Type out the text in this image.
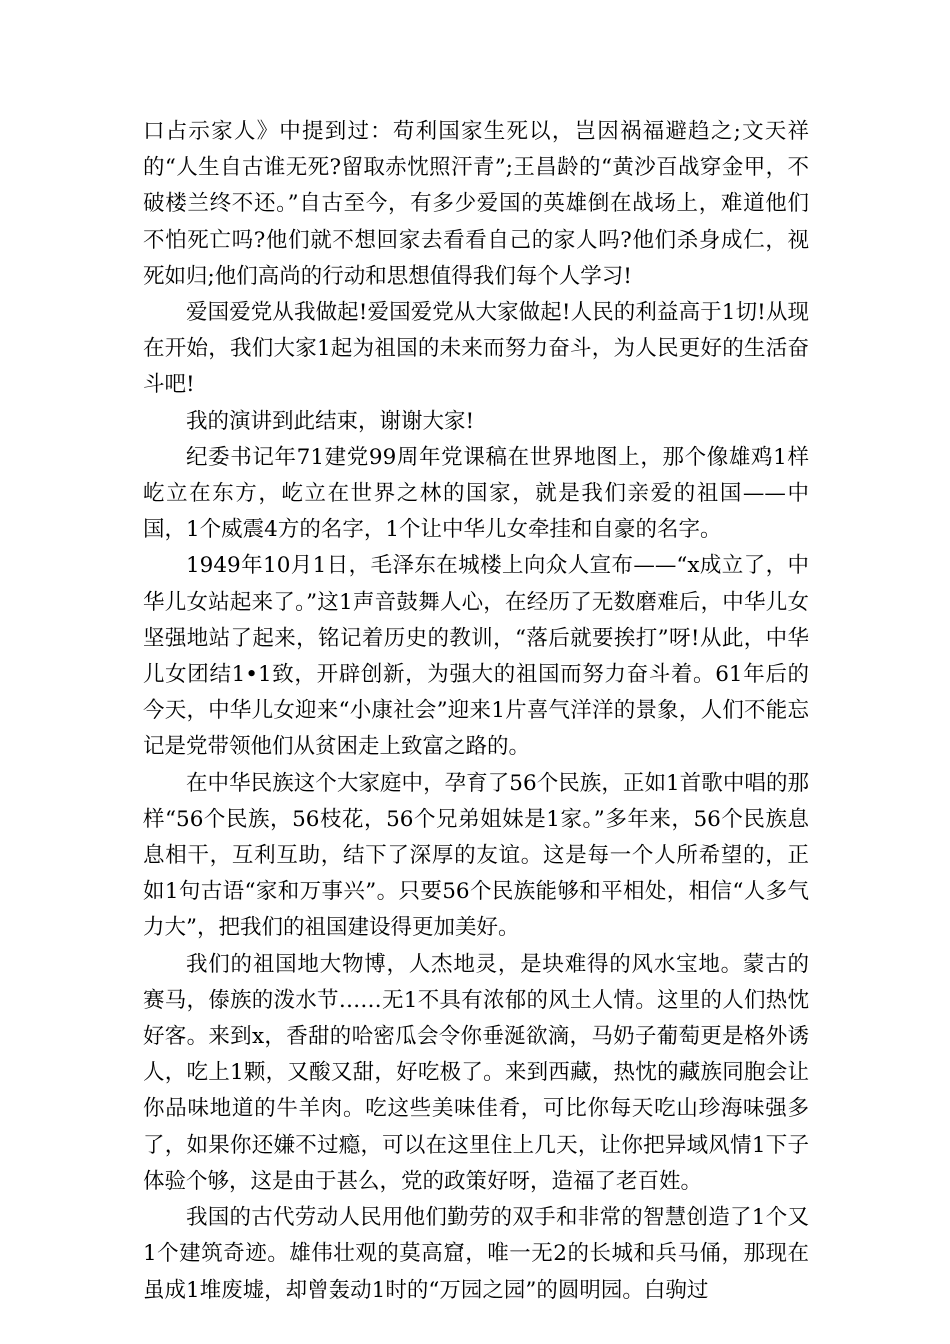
口占示家人》中提到过：苟利国家生死以，岂因祸福避趋之;文天祥的“人生自古谁无死?留取赤忱照汗青”;王昌龄的“黄沙百战穿金甲，不破楼兰终不还。”自古至今，有多少爱国的英雄倒在战场上，难道他们不怕死亡吗?他们就不想回家去看看自己的家人吗?他们杀身成仁，视死如归;他们高尚的行动和思想值得我们每个人学习!

爱国爱党从我做起!爱国爱党从大家做起!人民的利益高于1切!从现在开始，我们大家1起为祖国的未来而努力奋斗，为人民更好的生活奋斗吧!

我的演讲到此结束，谢谢大家!

纪委书记年71建党99周年党课稿在世界地图上，那个像雄鸡1样屹立在东方，屹立在世界之林的国家，就是我们亲爱的祖国——中国，1个威震4方的名字，1个让中华儿女牵挂和自豪的名字。

1949年10月1日，毛泽东在城楼上向众人宣布——“x成立了，中华儿女站起来了。”这1声音鼓舞人心，在经历了无数磨难后，中华儿女坚强地站了起来，铭记着历史的教训，“落后就要挨打”呀!从此，中华儿女团结1•1致，开辟创新，为强大的祖国而努力奋斗着。61年后的今天，中华儿女迎来“小康社会”迎来1片喜气洋洋的景象，人们不能忘记是党带领他们从贫困走上致富之路的。

在中华民族这个大家庭中，孕育了56个民族，正如1首歌中唱的那样“56个民族，56枝花，56个兄弟姐妹是1家。”多年来，56个民族息息相干，互利互助，结下了深厚的友谊。这是每一个人所希望的，正如1句古语“家和万事兴”。只要56个民族能够和平相处，相信“人多气力大”，把我们的祖国建设得更加美好。

我们的祖国地大物博，人杰地灵，是块难得的风水宝地。蒙古的赛马，傣族的泼水节……无1不具有浓郁的风土人情。这里的人们热忱好客。来到x，香甜的哈密瓜会令你垂涎欲滴，马奶子葡萄更是格外诱人，吃上1颗，又酸又甜，好吃极了。来到西藏，热忱的藏族同胞会让你品味地道的牛羊肉。吃这些美味佳肴，可比你每天吃山珍海味强多了，如果你还嫌不过瘾，可以在这里住上几天，让你把异域风情1下子体验个够，这是由于甚么，党的政策好呀，造福了老百姓。

我国的古代劳动人民用他们勤劳的双手和非常的智慧创造了1个又1个建筑奇迹。雄伟壮观的莫高窟，唯一无2的长城和兵马俑，那现在虽成1堆废墟，却曾轰动1时的“万园之园”的圆明园。白驹过
